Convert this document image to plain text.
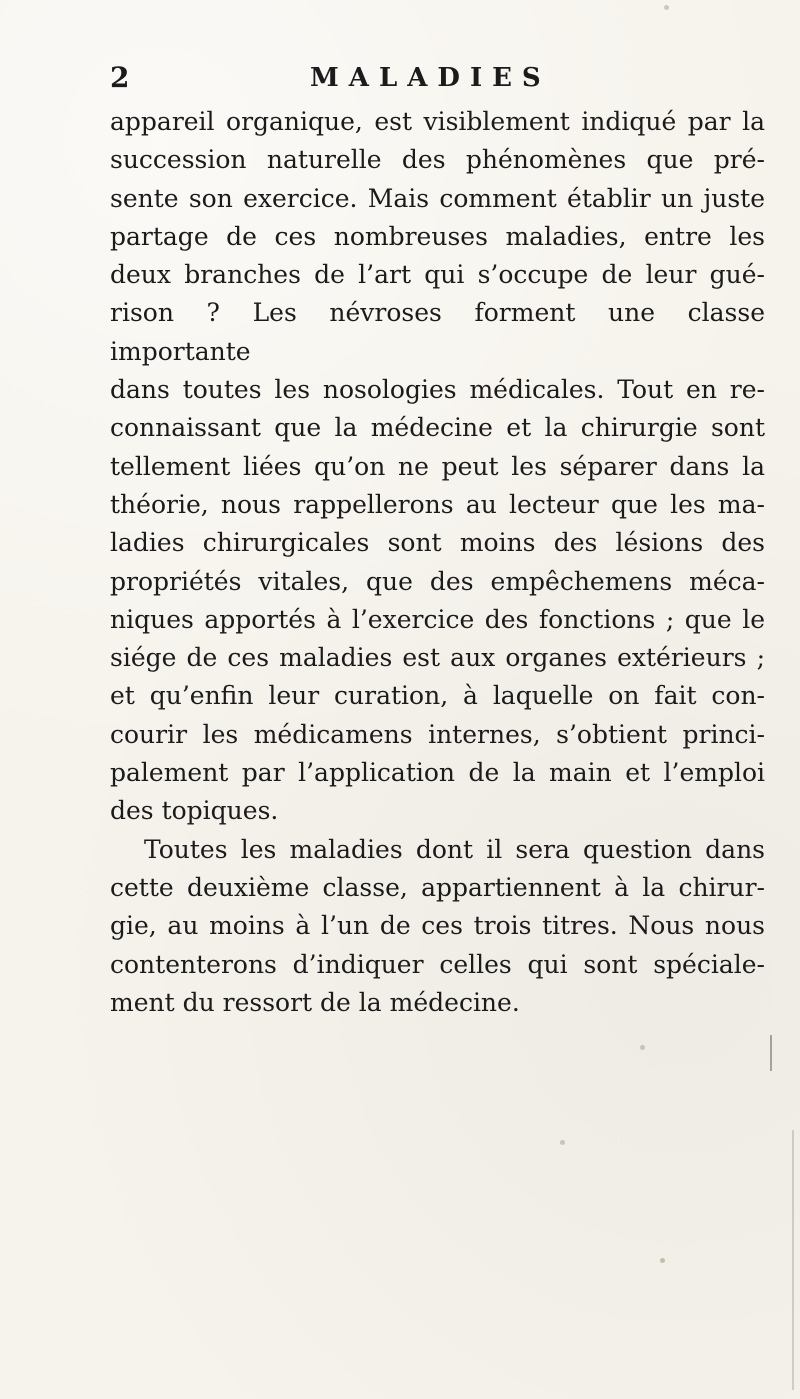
2	MALADIES
appareil organique, est visiblement indiqué par la
succession naturelle des phénomènes que pré-
sente son exercice. Mais comment établir un juste
partage de ces nombreuses maladies, entre les
deux branches de l’art qui s’occupe de leur gué-
rison ? Les névroses forment une classe importante
dans toutes les nosologies médicales. Tout en re-
connaissant que la médecine et la chirurgie sont
tellement liées qu’on ne peut les séparer dans la
théorie, nous rappellerons au lecteur que les ma-
ladies chirurgicales sont moins des lésions des
propriétés vitales, que des empêchemens méca-
niques apportés à l’exercice des fonctions ; que le
siége de ces maladies est aux organes extérieurs ;
et qu’enfin leur curation, à laquelle on fait con-
courir les médicamens internes, s’obtient princi-
palement par l’application de la main et l’emploi
des topiques.
Toutes les maladies dont il sera question dans
cette deuxième classe, appartiennent à la chirur-
gie, au moins à l’un de ces trois titres. Nous nous
contenterons d’indiquer celles qui sont spéciale-
ment du ressort de la médecine.
